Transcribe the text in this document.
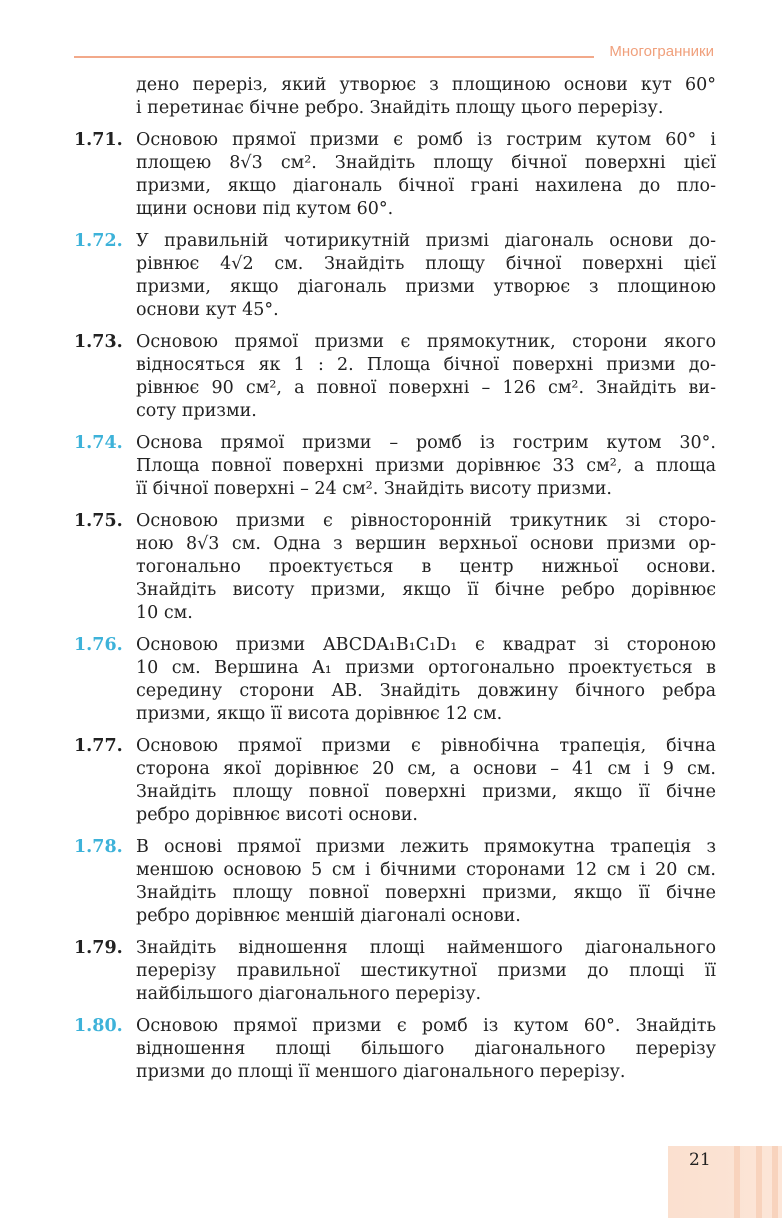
Многогранники
дено переріз, який утворює з площиною основи кут 60°
і перетинає бічне ребро. Знайдіть площу цього перерізу.
1.71. Основою прямої призми є ромб із гострим кутом 60° і
площею 8√3 см². Знайдіть площу бічної поверхні цієї
призми, якщо діагональ бічної грані нахилена до пло-
щини основи під кутом 60°.
1.72. У правильній чотирикутній призмі діагональ основи до-
рівнює 4√2 см. Знайдіть площу бічної поверхні цієї
призми, якщо діагональ призми утворює з площиною
основи кут 45°.
1.73. Основою прямої призми є прямокутник, сторони якого
відносяться як 1 : 2. Площа бічної поверхні призми до-
рівнює 90 см², а повної поверхні – 126 см². Знайдіть ви-
соту призми.
1.74. Основа прямої призми – ромб із гострим кутом 30°.
Площа повної поверхні призми дорівнює 33 см², а площа
її бічної поверхні – 24 см². Знайдіть висоту призми.
1.75. Основою призми є рівносторонній трикутник зі сторо-
ною 8√3 см. Одна з вершин верхньої основи призми ор-
тогонально проектується в центр нижньої основи.
Знайдіть висоту призми, якщо її бічне ребро дорівнює
10 см.
1.76. Основою призми ABCDA₁B₁C₁D₁ є квадрат зі стороною
10 см. Вершина A₁ призми ортогонально проектується в
середину сторони AB. Знайдіть довжину бічного ребра
призми, якщо її висота дорівнює 12 см.
1.77. Основою прямої призми є рівнобічна трапеція, бічна
сторона якої дорівнює 20 см, а основи – 41 см і 9 см.
Знайдіть площу повної поверхні призми, якщо її бічне
ребро дорівнює висоті основи.
1.78. В основі прямої призми лежить прямокутна трапеція з
меншою основою 5 см і бічними сторонами 12 см і 20 см.
Знайдіть площу повної поверхні призми, якщо її бічне
ребро дорівнює меншій діагоналі основи.
1.79. Знайдіть відношення площі найменшого діагонального
перерізу правильної шестикутної призми до площі її
найбільшого діагонального перерізу.
1.80. Основою прямої призми є ромб із кутом 60°. Знайдіть
відношення площі більшого діагонального перерізу
призми до площі її меншого діагонального перерізу.
21
